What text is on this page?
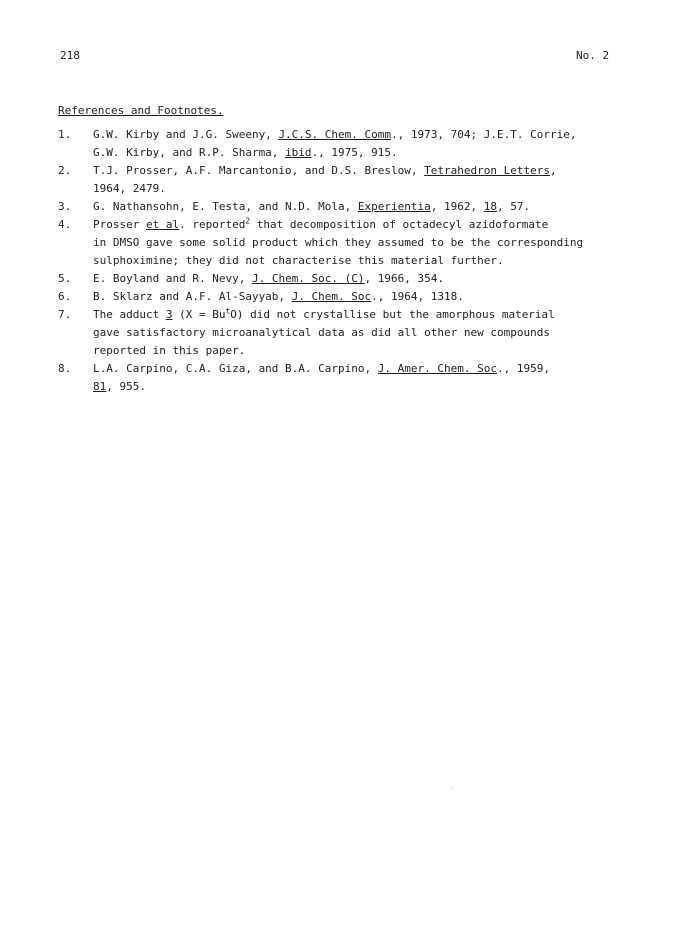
218	No. 2
References and Footnotes.
1.	G.W. Kirby and J.G. Sweeny, J.C.S. Chem. Comm., 1973, 704; J.E.T. Corrie,
G.W. Kirby, and R.P. Sharma, ibid., 1975, 915.
2.	T.J. Prosser, A.F. Marcantonio, and D.S. Breslow, Tetrahedron Letters,
1964, 2479.
3.	G. Nathansohn, E. Testa, and N.D. Mola, Experientia, 1962, 18, 57.
4.	Prosser et al. reported$^2$ that decomposition of octadecyl azidoformate
in DMSO gave some solid product which they assumed to be the corresponding
sulphoximine; they did not characterise this material further.
5.	E. Boyland and R. Nevy, J. Chem. Soc. (C), 1966, 354.
6.	B. Sklarz and A.F. Al-Sayyab, J. Chem. Soc., 1964, 1318.
7.	The adduct 3 $(X = Bu^tO)$ did not crystallise but the amorphous material
gave satisfactory microanalytical data as did all other new compounds
reported in this paper.
8.	L.A. Carpino, C.A. Giza, and B.A. Carpino, J. Amer. Chem. Soc., 1959,
81, 955.
